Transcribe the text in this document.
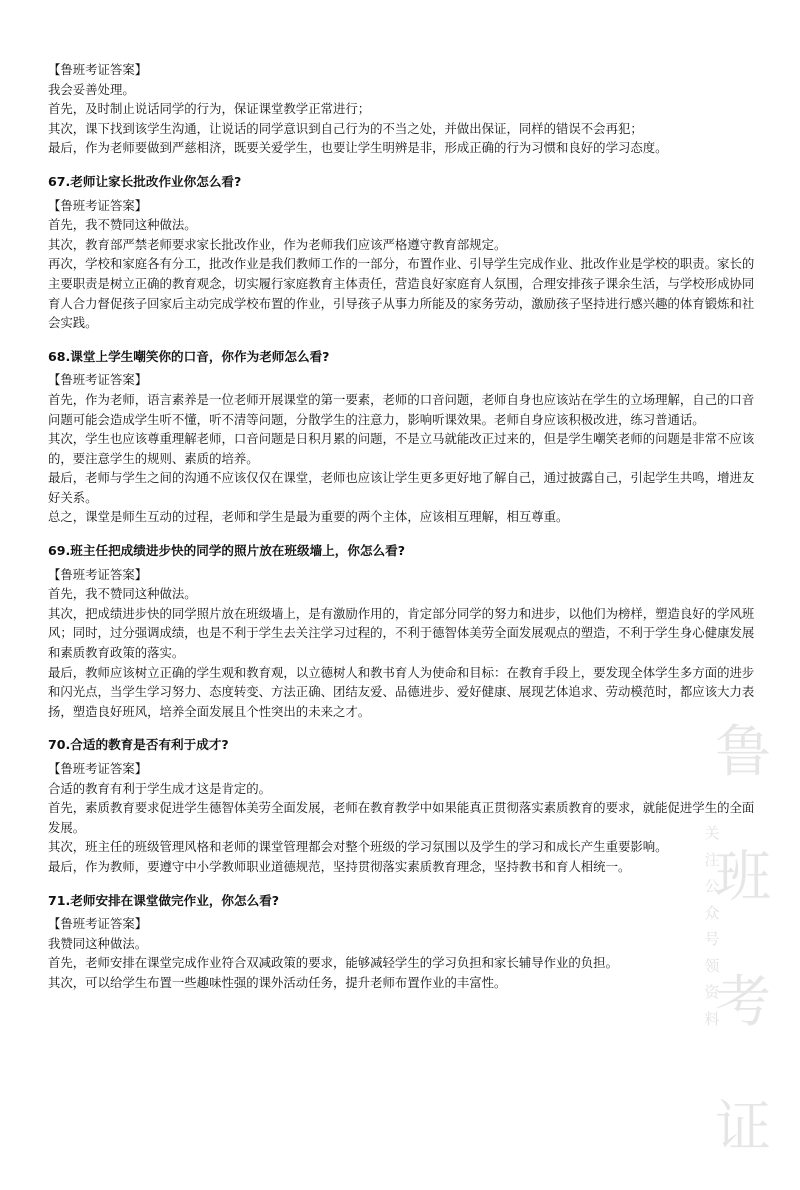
【鲁班考证答案】

我会妥善处理。

首先，及时制止说话同学的行为，保证课堂教学正常进行；

其次，课下找到该学生沟通，让说话的同学意识到自己行为的不当之处，并做出保证，同样的错误不会再犯；

最后，作为老师要做到严慈相济，既要关爱学生，也要让学生明辨是非，形成正确的行为习惯和良好的学习态度。

67.老师让家长批改作业你怎么看?

【鲁班考证答案】

首先，我不赞同这种做法。

其次，教育部严禁老师要求家长批改作业，作为老师我们应该严格遵守教育部规定。

再次，学校和家庭各有分工，批改作业是我们教师工作的一部分，布置作业、引导学生完成作业、批改作业是学校的职责。家长的主要职责是树立正确的教育观念，切实履行家庭教育主体责任，营造良好家庭育人氛围，合理安排孩子课余生活，与学校形成协同育人合力督促孩子回家后主动完成学校布置的作业，引导孩子从事力所能及的家务劳动，激励孩子坚持进行感兴趣的体育锻炼和社会实践。

68.课堂上学生嘲笑你的口音，你作为老师怎么看?

【鲁班考证答案】

首先，作为老师，语言素养是一位老师开展课堂的第一要素，老师的口音问题，老师自身也应该站在学生的立场理解，自己的口音问题可能会造成学生听不懂，听不清等问题，分散学生的注意力，影响听课效果。老师自身应该积极改进，练习普通话。

其次，学生也应该尊重理解老师，口音问题是日积月累的问题，不是立马就能改正过来的，但是学生嘲笑老师的问题是非常不应该的，要注意学生的规则、素质的培养。

最后，老师与学生之间的沟通不应该仅仅在课堂，老师也应该让学生更多更好地了解自己，通过披露自己，引起学生共鸣，增进友好关系。

总之，课堂是师生互动的过程，老师和学生是最为重要的两个主体，应该相互理解，相互尊重。

69.班主任把成绩进步快的同学的照片放在班级墙上，你怎么看?

【鲁班考证答案】

首先，我不赞同这种做法。

其次，把成绩进步快的同学照片放在班级墙上，是有激励作用的，肯定部分同学的努力和进步，以他们为榜样，塑造良好的学风班风；同时，过分强调成绩，也是不利于学生去关注学习过程的，不利于德智体美劳全面发展观点的塑造，不利于学生身心健康发展和素质教育政策的落实。

最后，教师应该树立正确的学生观和教育观，以立德树人和教书育人为使命和目标：在教育手段上，要发现全体学生多方面的进步和闪光点，当学生学习努力、态度转变、方法正确、团结友爱、品德进步、爱好健康、展现艺体追求、劳动模范时，都应该大力表扬，塑造良好班风，培养全面发展且个性突出的未来之才。

70.合适的教育是否有利于成才?

【鲁班考证答案】

合适的教育有利于学生成才这是肯定的。

首先，素质教育要求促进学生德智体美劳全面发展，老师在教育教学中如果能真正贯彻落实素质教育的要求，就能促进学生的全面发展。

其次，班主任的班级管理风格和老师的课堂管理都会对整个班级的学习氛围以及学生的学习和成长产生重要影响。

最后，作为教师，要遵守中小学教师职业道德规范，坚持贯彻落实素质教育理念，坚持教书和育人相统一。

71.老师安排在课堂做完作业，你怎么看?

【鲁班考证答案】

我赞同这种做法。

首先，老师安排在课堂完成作业符合双减政策的要求，能够减轻学生的学习负担和家长辅导作业的负担。

其次，可以给学生布置一些趣味性强的课外活动任务，提升老师布置作业的丰富性。

关
注
公
众
号
领
资
料
鲁
班
考
证
